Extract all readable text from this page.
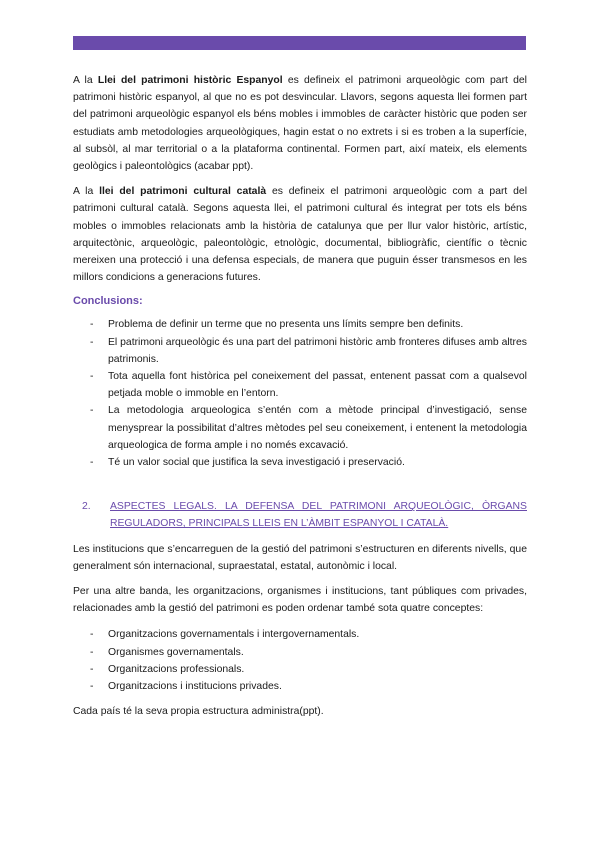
A la Llei del patrimoni històric Espanyol es defineix el patrimoni arqueològic com part del patrimoni històric espanyol, al que no es pot desvincular. Llavors, segons aquesta llei formen part del patrimoni arqueològic espanyol els béns mobles i immobles de caràcter històric que poden ser estudiats amb metodologies arqueològiques, hagin estat o no extrets i si es troben a la superfície, al subsòl, al mar territorial o a la plataforma continental. Formen part, així mateix, els elements geològics i paleontològics (acabar ppt).

A la llei del patrimoni cultural català es defineix el patrimoni arqueològic com a part del patrimoni cultural català. Segons aquesta llei, el patrimoni cultural és integrat per tots els béns mobles o immobles relacionats amb la història de catalunya que per llur valor històric, artístic, arquitectònic, arqueològic, paleontològic, etnològic, documental, bibliogràfic, científic o tècnic mereixen una protecció i una defensa especials, de manera que puguin ésser transmesos en les millors condicions a generacions futures.

Conclusions:
- Problema de definir un terme que no presenta uns límits sempre ben definits.
- El patrimoni arqueològic és una part del patrimoni històric amb fronteres difuses amb altres patrimonis.
- Tota aquella font històrica pel coneixement del passat, entenent passat com a qualsevol petjada moble o immoble en l’entorn.
- La metodologia arqueologica s’entén com a mètode principal d’investigació, sense menysprear la possibilitat d’altres mètodes pel seu coneixement, i entenent la metodologia arqueologica de forma ample i no només excavació.
- Té un valor social que justifica la seva investigació i preservació.
2. ASPECTES LEGALS. LA DEFENSA DEL PATRIMONI ARQUEOLÒGIC, ÒRGANS REGULADORS, PRINCIPALS LLEIS EN L’ÀMBIT ESPANYOL I CATALÀ.

Les institucions que s’encarreguen de la gestió del patrimoni s’estructuren en diferents nivells, que generalment són internacional, supraestatal, estatal, autonòmic i local.

Per una altre banda, les organitzacions, organismes i institucions, tant públiques com privades, relacionades amb la gestió del patrimoni es poden ordenar també sota quatre conceptes:

- Organitzacions governamentals i intergovernamentals.
- Organismes governamentals.
- Organitzacions professionals.
- Organitzacions i institucions privades.

Cada país té la seva propia estructura administra(ppt).
